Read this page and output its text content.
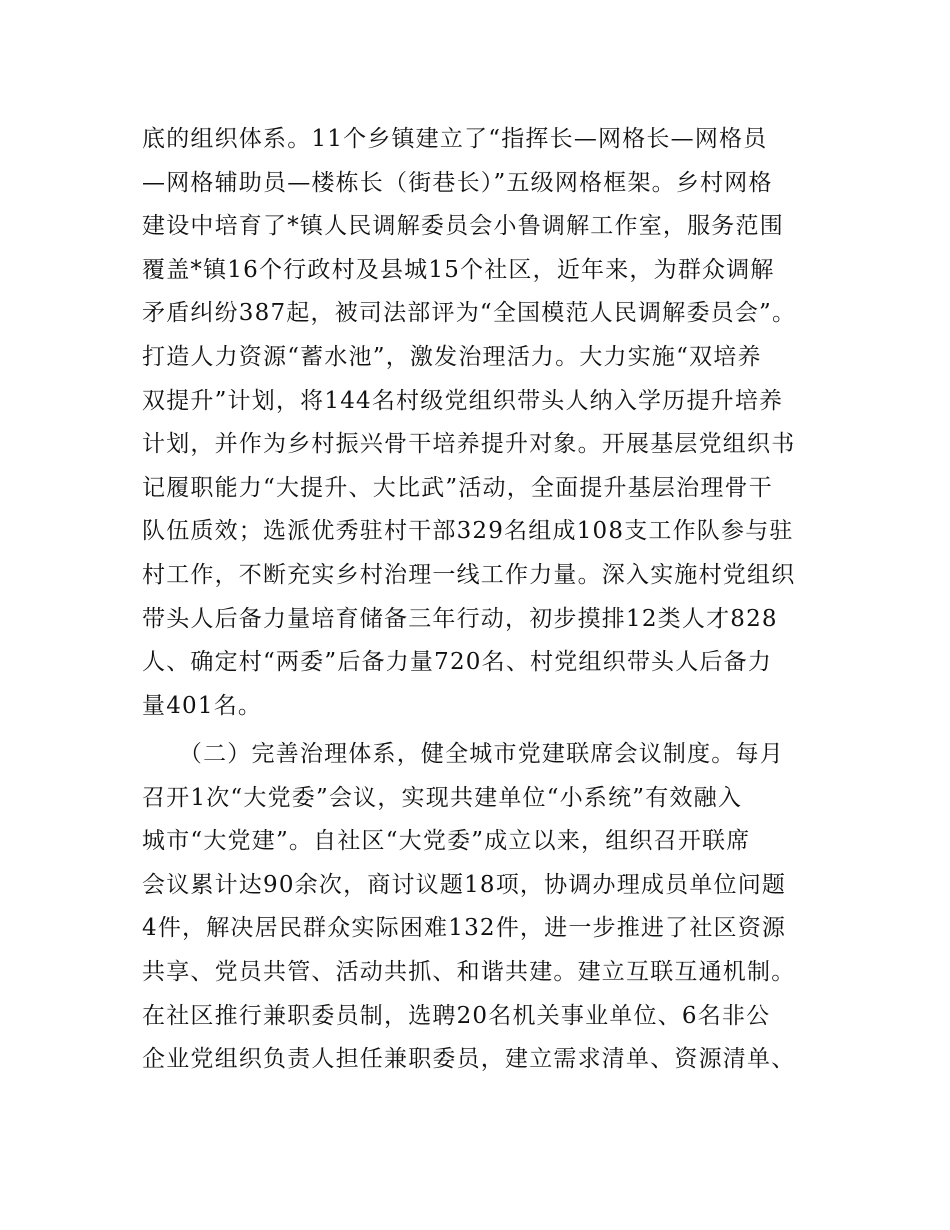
底的组织体系。11个乡镇建立了“指挥长—网格长—网格员
—网格辅助员—楼栋长（街巷长）”五级网格框架。乡村网格
建设中培育了*镇人民调解委员会小鲁调解工作室，服务范围
覆盖*镇16个行政村及县城15个社区，近年来，为群众调解
矛盾纠纷387起，被司法部评为“全国模范人民调解委员会”。
打造人力资源“蓄水池”，激发治理活力。大力实施“双培养
双提升”计划，将144名村级党组织带头人纳入学历提升培养
计划，并作为乡村振兴骨干培养提升对象。开展基层党组织书
记履职能力“大提升、大比武”活动，全面提升基层治理骨干
队伍质效；选派优秀驻村干部329名组成108支工作队参与驻
村工作，不断充实乡村治理一线工作力量。深入实施村党组织
带头人后备力量培育储备三年行动，初步摸排12类人才828
人、确定村“两委”后备力量720名、村党组织带头人后备力
量401名。
　　（二）完善治理体系，健全城市党建联席会议制度。每月
召开1次“大党委”会议，实现共建单位“小系统”有效融入
城市“大党建”。自社区“大党委”成立以来，组织召开联席
会议累计达90余次，商讨议题18项，协调办理成员单位问题
4件，解决居民群众实际困难132件，进一步推进了社区资源
共享、党员共管、活动共抓、和谐共建。建立互联互通机制。
在社区推行兼职委员制，选聘20名机关事业单位、6名非公
企业党组织负责人担任兼职委员，建立需求清单、资源清单、
